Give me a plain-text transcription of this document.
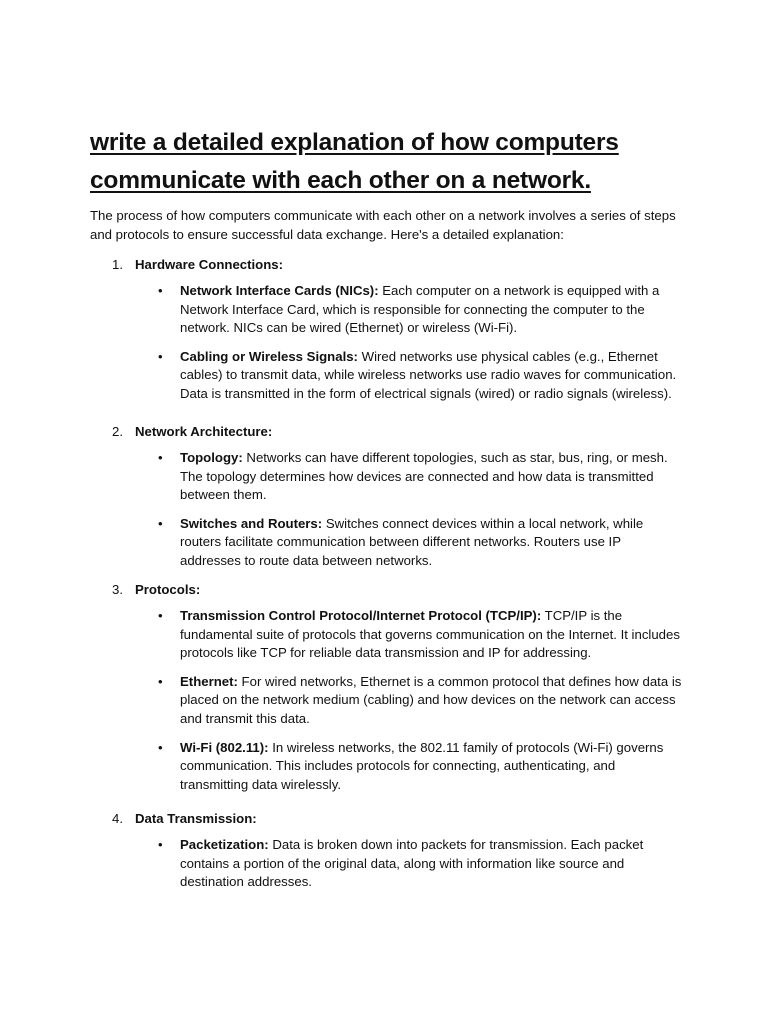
write a detailed explanation of how computers communicate with each other on a network.

The process of how computers communicate with each other on a network involves a series of steps and protocols to ensure successful data exchange. Here's a detailed explanation:

1. Hardware Connections:
• Network Interface Cards (NICs): Each computer on a network is equipped with a Network Interface Card, which is responsible for connecting the computer to the network. NICs can be wired (Ethernet) or wireless (Wi-Fi).
• Cabling or Wireless Signals: Wired networks use physical cables (e.g., Ethernet cables) to transmit data, while wireless networks use radio waves for communication. Data is transmitted in the form of electrical signals (wired) or radio signals (wireless).
2. Network Architecture:
• Topology: Networks can have different topologies, such as star, bus, ring, or mesh. The topology determines how devices are connected and how data is transmitted between them.
• Switches and Routers: Switches connect devices within a local network, while routers facilitate communication between different networks. Routers use IP addresses to route data between networks.
3. Protocols:
• Transmission Control Protocol/Internet Protocol (TCP/IP): TCP/IP is the fundamental suite of protocols that governs communication on the Internet. It includes protocols like TCP for reliable data transmission and IP for addressing.
• Ethernet: For wired networks, Ethernet is a common protocol that defines how data is placed on the network medium (cabling) and how devices on the network can access and transmit this data.
• Wi-Fi (802.11): In wireless networks, the 802.11 family of protocols (Wi-Fi) governs communication. This includes protocols for connecting, authenticating, and transmitting data wirelessly.
4. Data Transmission:
• Packetization: Data is broken down into packets for transmission. Each packet contains a portion of the original data, along with information like source and destination addresses.
